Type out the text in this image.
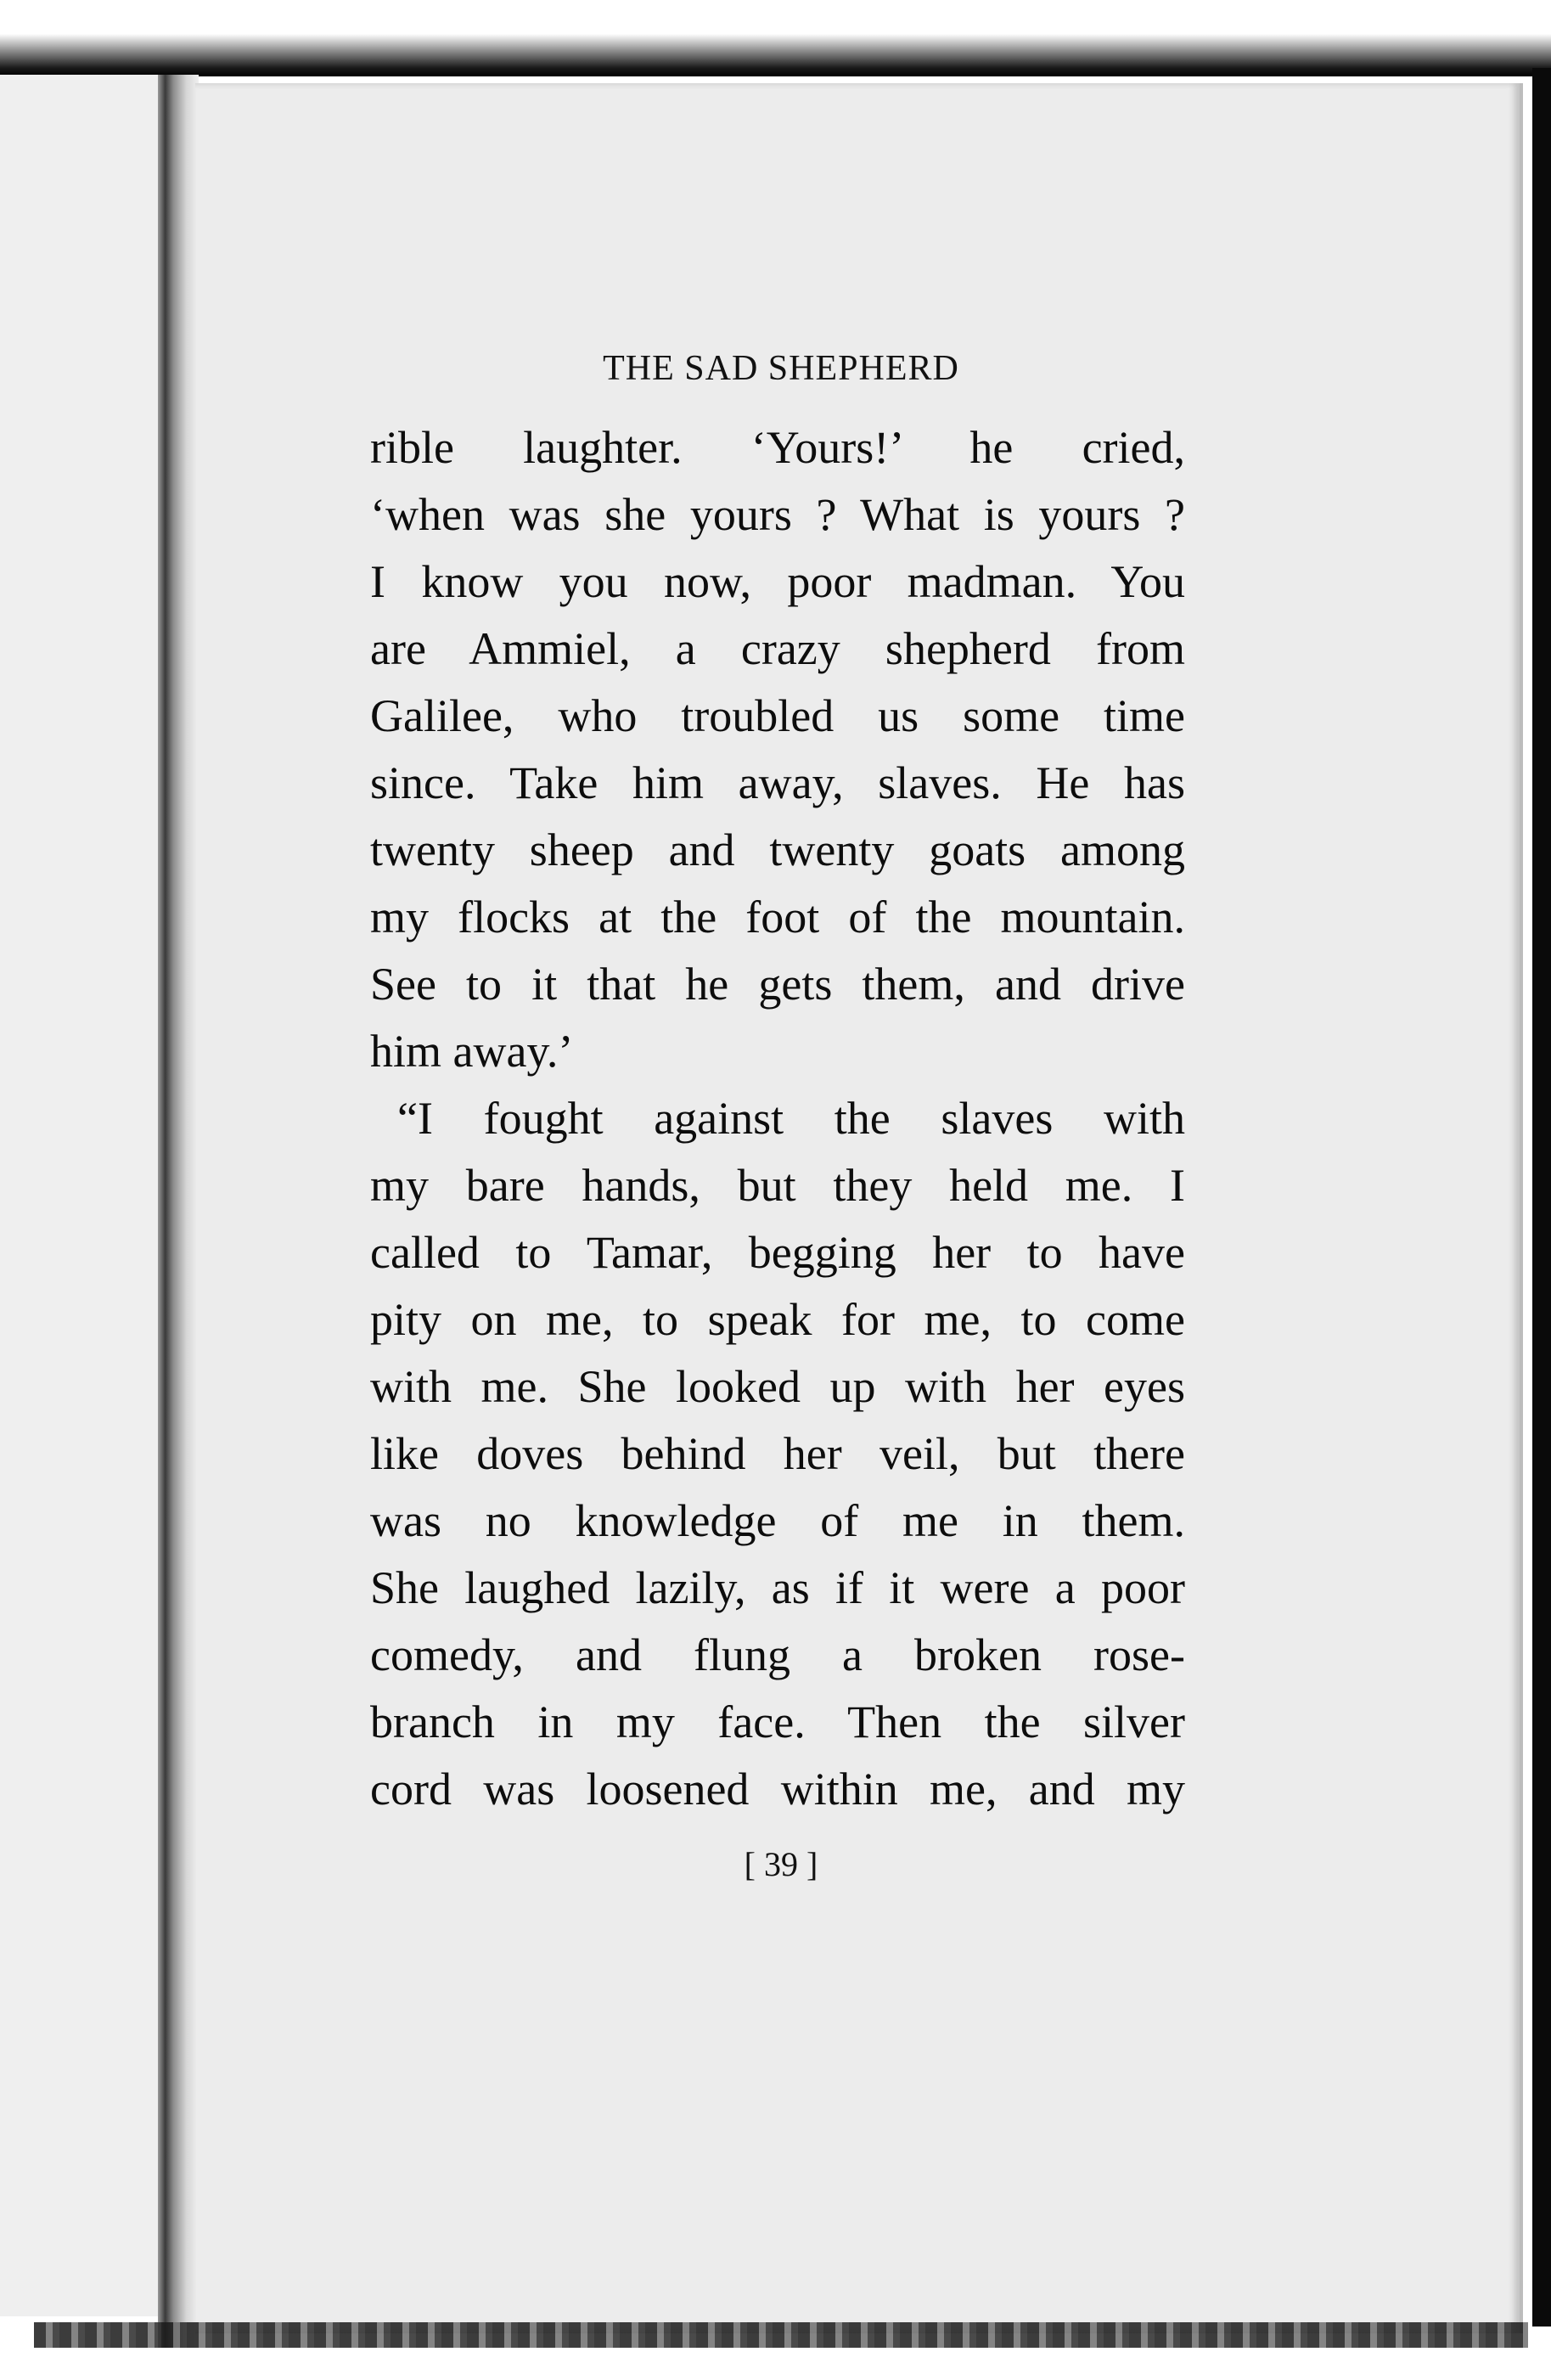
THE SAD SHEPHERD
rible laughter. ‘Yours!’ he cried,
‘when was she yours ? What is yours ?
I know you now, poor madman. You
are Ammiel, a crazy shepherd from
Galilee, who troubled us some time
since. Take him away, slaves. He has
twenty sheep and twenty goats among
my flocks at the foot of the mountain.
See to it that he gets them, and drive
him away.’
“I fought against the slaves with
my bare hands, but they held me. I
called to Tamar, begging her to have
pity on me, to speak for me, to come
with me. She looked up with her eyes
like doves behind her veil, but there
was no knowledge of me in them.
She laughed lazily, as if it were a poor
comedy, and flung a broken rose-
branch in my face. Then the silver
cord was loosened within me, and my
[ 39 ]
